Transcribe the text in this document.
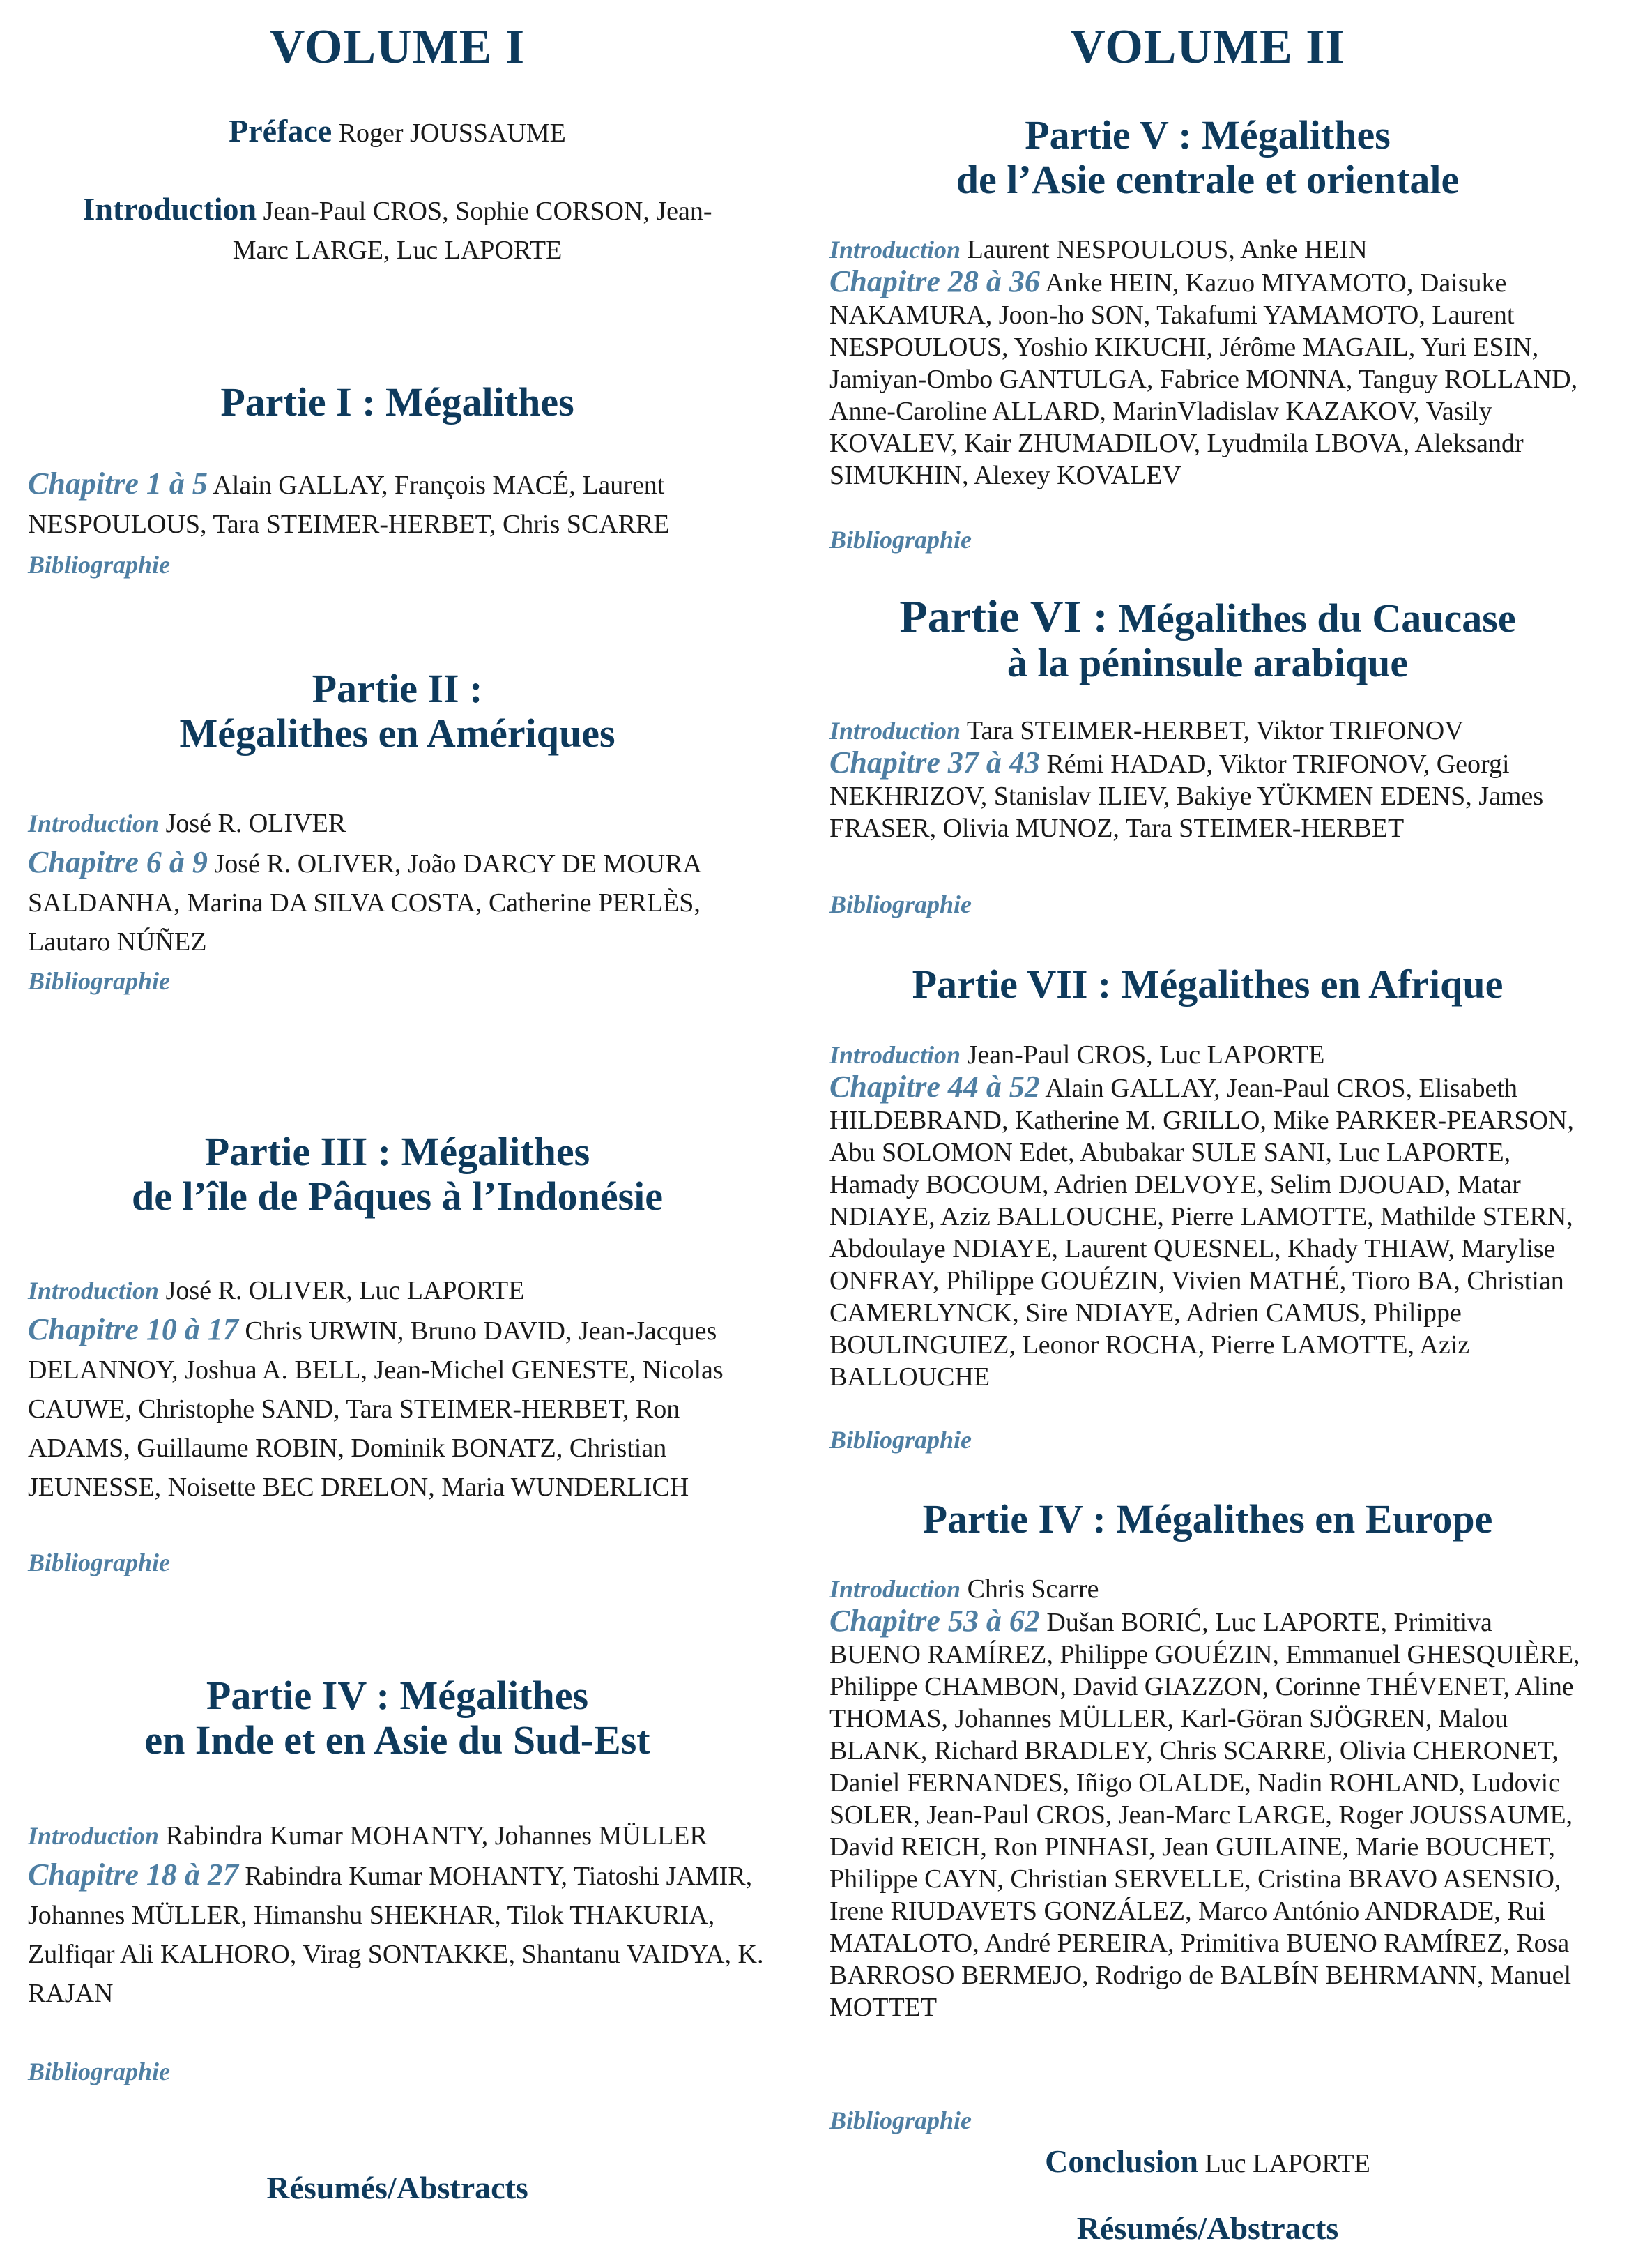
VOLUME I
Préface Roger JOUSSAUME
Introduction Jean-Paul CROS, Sophie CORSON, Jean-Marc LARGE, Luc LAPORTE
Partie I : Mégalithes
Chapitre 1 à 5 Alain GALLAY, François MACÉ, Laurent NESPOULOUS, Tara STEIMER-HERBET, Chris SCARRE
Bibliographie
Partie II :
Mégalithes en Amériques
Introduction José R. OLIVER
Chapitre 6 à 9 José R. OLIVER, João DARCY DE MOURA SALDANHA, Marina DA SILVA COSTA, Catherine PERLÈS, Lautaro NÚÑEZ
Bibliographie
Partie III : Mégalithes
de l’île de Pâques à l’Indonésie
Introduction José R. OLIVER, Luc LAPORTE
Chapitre 10 à 17 Chris URWIN, Bruno DAVID, Jean-Jacques DELANNOY, Joshua A. BELL, Jean-Michel GENESTE, Nicolas CAUWE, Christophe SAND, Tara STEIMER-HERBET, Ron ADAMS, Guillaume ROBIN, Dominik BONATZ, Christian JEUNESSE, Noisette BEC DRELON, Maria WUNDERLICH
Bibliographie
Partie IV : Mégalithes
en Inde et en Asie du Sud-Est
Introduction Rabindra Kumar MOHANTY, Johannes MÜLLER
Chapitre 18 à 27 Rabindra Kumar MOHANTY, Tiatoshi JAMIR, Johannes MÜLLER, Himanshu SHEKHAR, Tilok THAKURIA, Zulfiqar Ali KALHORO, Virag SONTAKKE, Shantanu VAIDYA, K. RAJAN
Bibliographie
Résumés/Abstracts
VOLUME II
Partie V : Mégalithes
de l’Asie centrale et orientale
Introduction Laurent NESPOULOUS, Anke HEIN
Chapitre 28 à 36 Anke HEIN, Kazuo MIYAMOTO, Daisuke NAKAMURA, Joon-ho SON, Takafumi YAMAMOTO, Laurent NESPOULOUS, Yoshio KIKUCHI, Jérôme MAGAIL, Yuri ESIN, Jamiyan-Ombo GANTULGA, Fabrice MONNA, Tanguy ROLLAND, Anne-Caroline ALLARD, MarinVladislav KAZAKOV, Vasily KOVALEV, Kair ZHUMADILOV, Lyudmila LBOVA, Aleksandr SIMUKHIN, Alexey KOVALEV
Bibliographie
Partie VI : Mégalithes du Caucase
à la péninsule arabique
Introduction Tara STEIMER-HERBET, Viktor TRIFONOV
Chapitre 37 à 43 Rémi HADAD, Viktor TRIFONOV, Georgi NEKHRIZOV, Stanislav ILIEV, Bakiye YÜKMEN EDENS, James FRASER, Olivia MUNOZ, Tara STEIMER-HERBET
Bibliographie
Partie VII : Mégalithes en Afrique
Introduction Jean-Paul CROS, Luc LAPORTE
Chapitre 44 à 52 Alain GALLAY, Jean-Paul CROS, Elisabeth HILDEBRAND, Katherine M. GRILLO, Mike PARKER-PEARSON, Abu SOLOMON Edet, Abubakar SULE SANI, Luc LAPORTE, Hamady BOCOUM, Adrien DELVOYE, Selim DJOUAD, Matar NDIAYE, Aziz BALLOUCHE, Pierre LAMOTTE, Mathilde STERN, Abdoulaye NDIAYE, Laurent QUESNEL, Khady THIAW, Marylise ONFRAY, Philippe GOUÉZIN, Vivien MATHÉ, Tioro BA, Christian CAMERLYNCK, Sire NDIAYE, Adrien CAMUS, Philippe BOULINGUIEZ, Leonor ROCHA, Pierre LAMOTTE, Aziz BALLOUCHE
Bibliographie
Partie IV : Mégalithes en Europe
Introduction Chris Scarre
Chapitre 53 à 62 Dušan BORIĆ, Luc LAPORTE, Primitiva BUENO RAMÍREZ, Philippe GOUÉZIN, Emmanuel GHESQUIÈRE, Philippe CHAMBON, David GIAZZON, Corinne THÉVENET, Aline THOMAS, Johannes MÜLLER, Karl-Göran SJÖGREN, Malou BLANK, Richard BRADLEY, Chris SCARRE, Olivia CHERONET, Daniel FERNANDES, Iñigo OLALDE, Nadin ROHLAND, Ludovic SOLER, Jean-Paul CROS, Jean-Marc LARGE, Roger JOUSSAUME, David REICH, Ron PINHASI, Jean GUILAINE, Marie BOUCHET, Philippe CAYN, Christian SERVELLE, Cristina BRAVO ASENSIO, Irene RIUDAVETS GONZÁLEZ, Marco António ANDRADE, Rui MATALOTO, André PEREIRA, Primitiva BUENO RAMÍREZ, Rosa BARROSO BERMEJO, Rodrigo de BALBÍN BEHRMANN, Manuel MOTTET
Bibliographie
Conclusion Luc LAPORTE
Résumés/Abstracts
